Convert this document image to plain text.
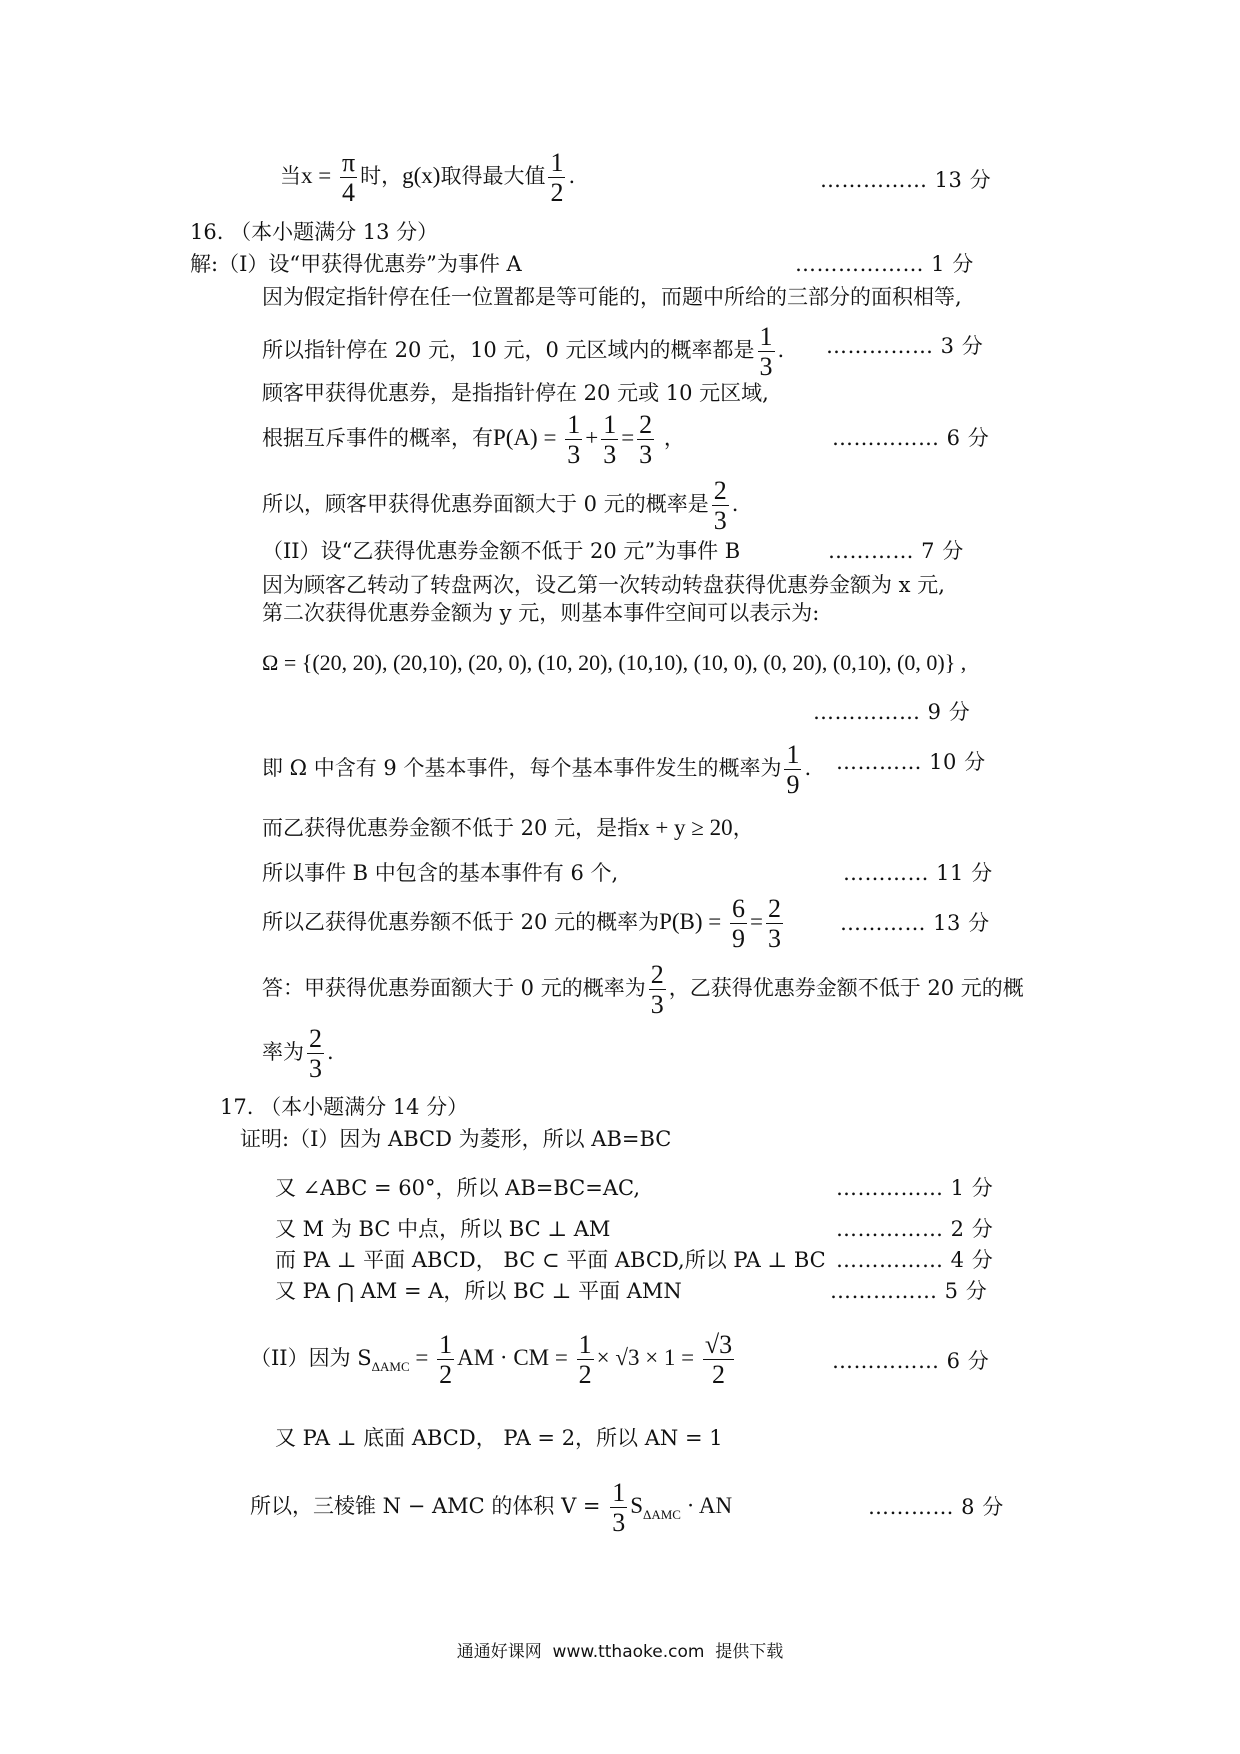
当$x = \frac{\pi}{4}$ 时，g(x)取得最大值 $\frac{1}{2}$ .	…………… 13 分
16. （本小题满分 13 分）
解:（I）设“甲获得优惠券”为事件 A	……………… 1 分
因为假定指针停在任一位置都是等可能的，而题中所给的三部分的面积相等,
所以指针停在 20 元，10 元，0 元区域内的概率都是 $\frac{1}{3}$ . …………… 3 分
顾客甲获得优惠券，是指指针停在 20 元或 10 元区域,
根据互斥事件的概率，有$P(A) = \frac{1}{3} + \frac{1}{3} = \frac{2}{3}$ ，	…………… 6 分
所以，顾客甲获得优惠券面额大于 0 元的概率是 $\frac{2}{3}$ .
（II）设“乙获得优惠券金额不低于 20 元”为事件 B	………… 7 分
因为顾客乙转动了转盘两次，设乙第一次转动转盘获得优惠券金额为 x 元,
第二次获得优惠券金额为 y 元，则基本事件空间可以表示为:
Ω = {(20, 20), (20,10), (20, 0), (10, 20), (10,10), (10, 0), (0, 20), (0,10), (0, 0)} ,
…………… 9 分
即 Ω 中含有 9 个基本事件，每个基本事件发生的概率为 $\frac{1}{9}$ . ………… 10 分
而乙获得优惠券金额不低于 20 元，是指x + y ≥ 20，
所以事件 B 中包含的基本事件有 6 个,	………… 11 分
所以乙获得优惠券额不低于 20 元的概率为$P(B) = \frac{6}{9} = \frac{2}{3}$	………… 13 分
答：甲获得优惠券面额大于 0 元的概率为 $\frac{2}{3}$ ，乙获得优惠券金额不低于 20 元的概
率为 $\frac{2}{3}$ .
17. （本小题满分 14 分）
证明:（Ⅰ）因为 ABCD 为菱形，所以 AB=BC
又 ∠ABC = 60°，所以 AB=BC=AC,	…………… 1 分
又 M 为 BC 中点，所以 BC ⊥ AM	…………… 2 分
而 PA ⊥ 平面 ABCD， BC ⊂ 平面 ABCD,所以 PA ⊥ BC …………… 4 分
又 PA ⋂ AM = A，所以 BC ⊥ 平面 AMN	…………… 5 分
（II）因为 $S_{\Delta AMC} = \frac{1}{2}$ AM · CM = $\frac{1}{2} \times √3 \times 1 = \frac{√3}{2}$	…………… 6 分
又 PA ⊥ 底面 ABCD， PA = 2，所以 AN = 1
所以，三棱锥 N − AMC 的体积 $V = \frac{1}{3} S_{\Delta AMC}$ · AN	………… 8 分
通通好课网  www.tthaoke.com  提供下载
